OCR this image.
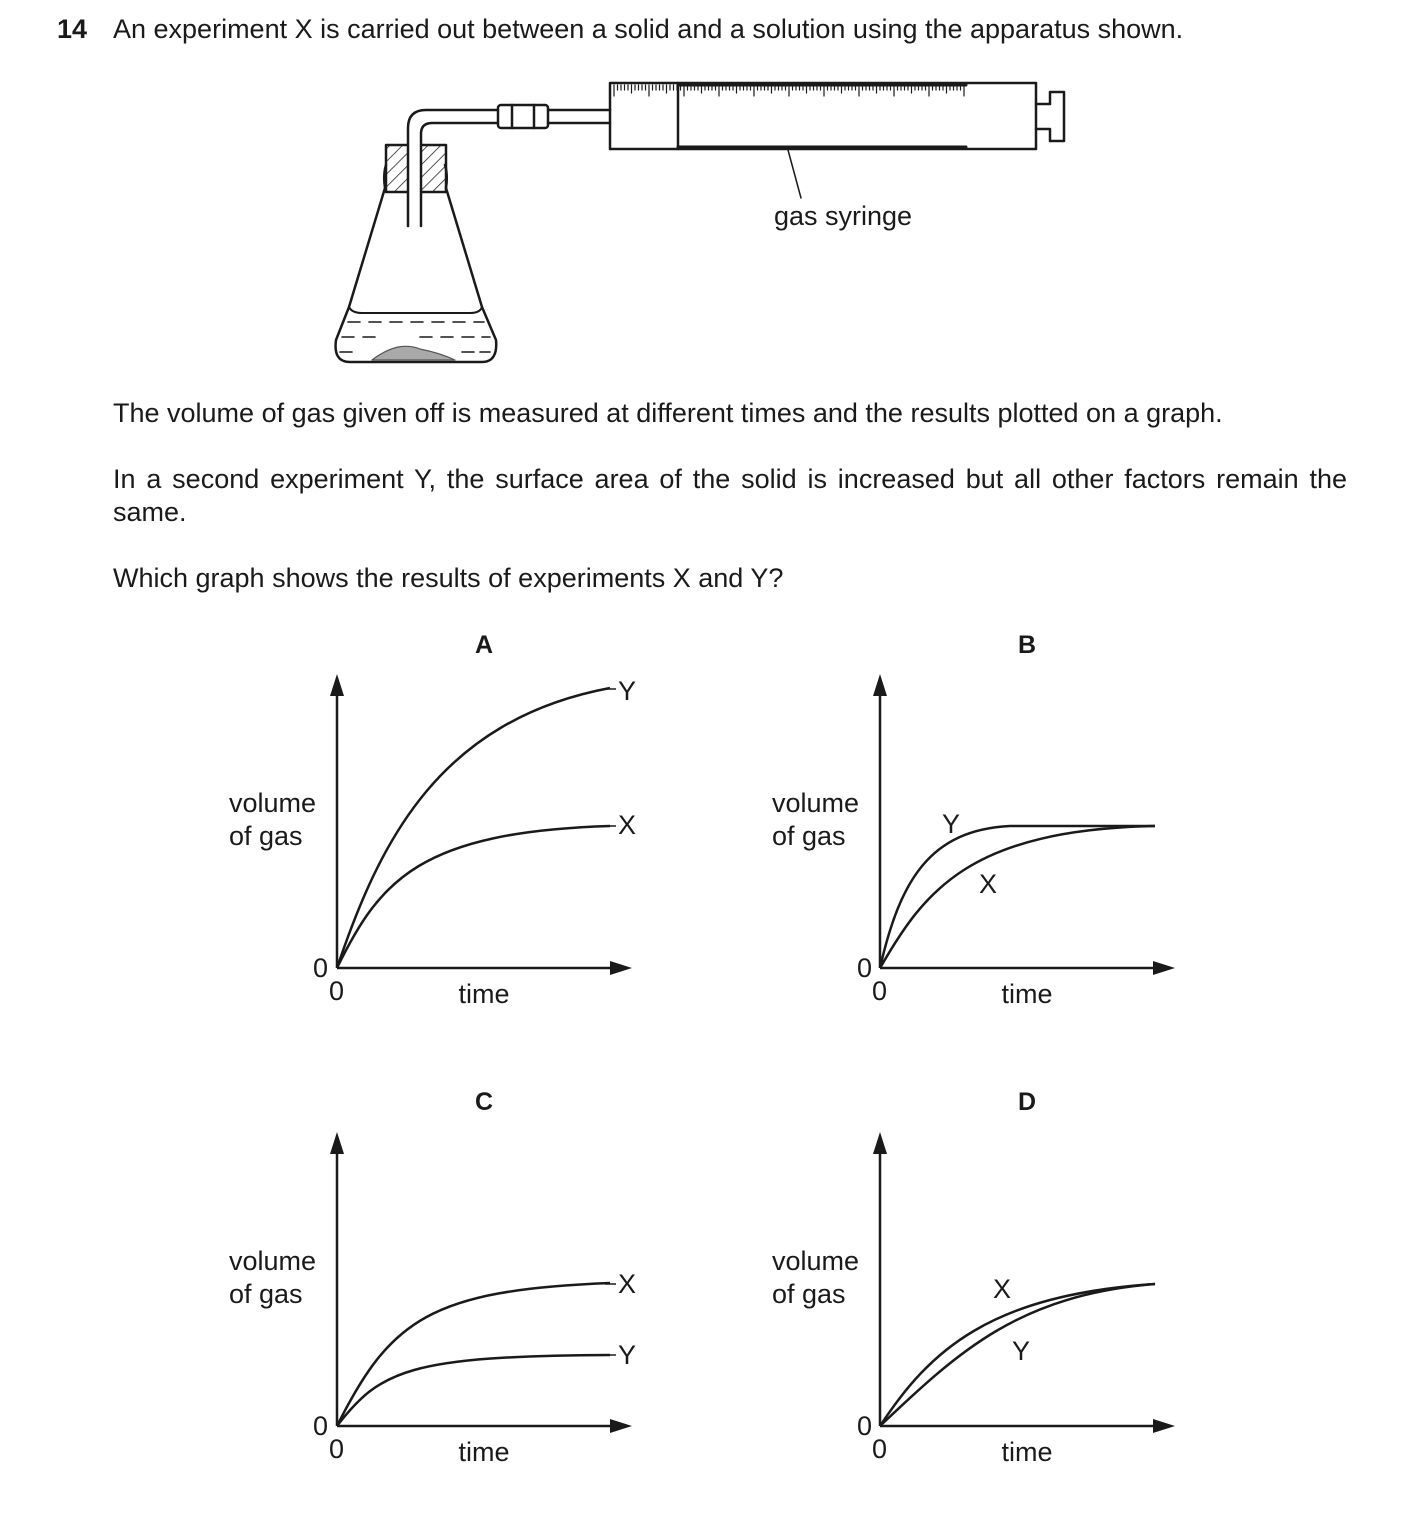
14 An experiment X is carried out between a solid and a solution using the apparatus shown.
gas syringe
The volume of gas given off is measured at different times and the results plotted on a graph.
In a second experiment Y, the surface area of the solid is increased but all other factors remain the same.
Which graph shows the results of experiments X and Y?
A
Y
X
volume
of gas
0
0	time
B
Y
X
volume
of gas
0
0	time
C
X
Y
volume
of gas
0
0	time
D
X
Y
volume
of gas
0
0	time
